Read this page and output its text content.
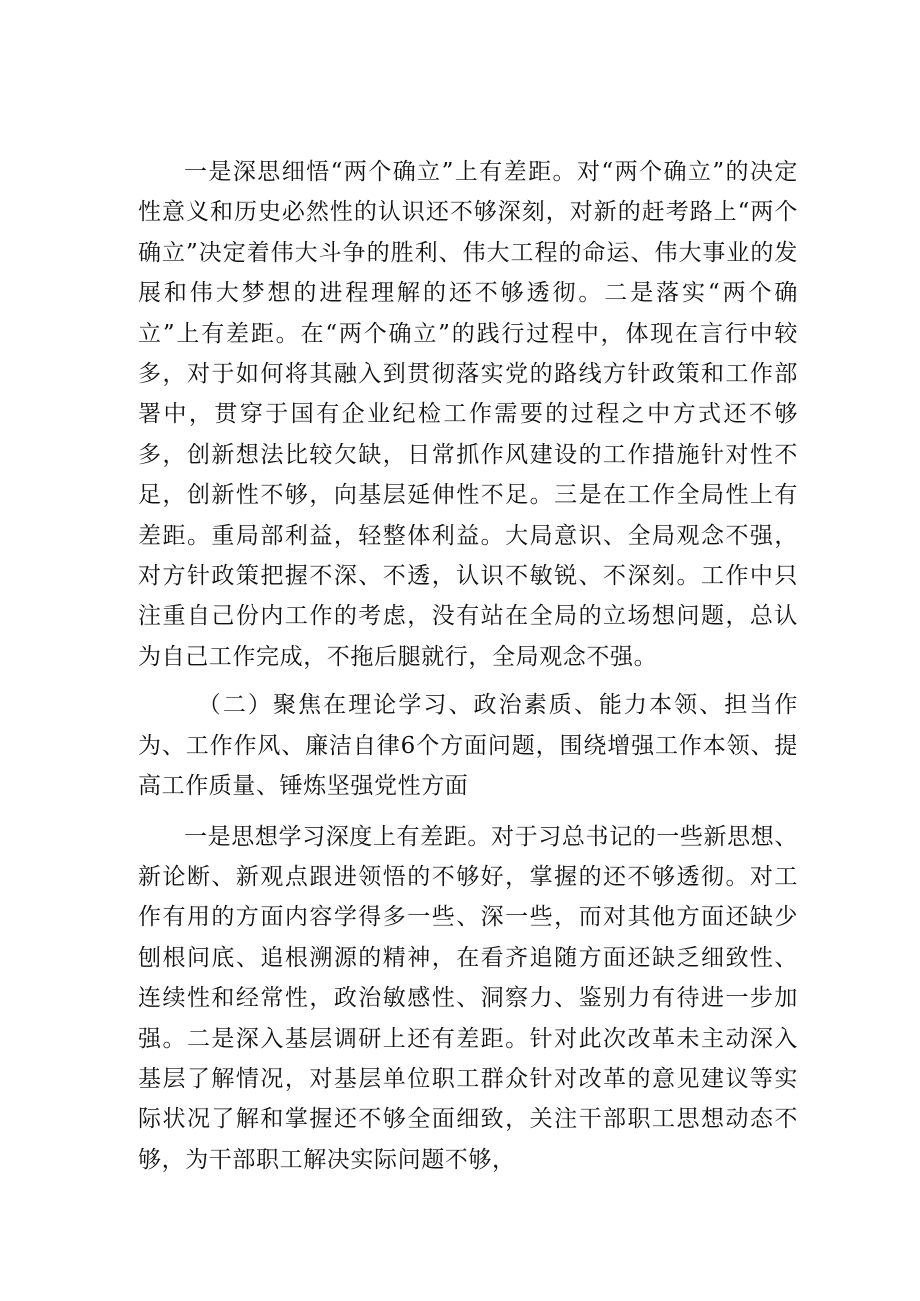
一是深思细悟“两个确立”上有差距。对“两个确立”的决定性意义和历史必然性的认识还不够深刻，对新的赶考路上“两个确立”决定着伟大斗争的胜利、伟大工程的命运、伟大事业的发展和伟大梦想的进程理解的还不够透彻。二是落实“两个确立”上有差距。在“两个确立”的践行过程中，体现在言行中较多，对于如何将其融入到贯彻落实党的路线方针政策和工作部署中，贯穿于国有企业纪检工作需要的过程之中方式还不够多，创新想法比较欠缺，日常抓作风建设的工作措施针对性不足，创新性不够，向基层延伸性不足。三是在工作全局性上有差距。重局部利益，轻整体利益。大局意识、全局观念不强，对方针政策把握不深、不透，认识不敏锐、不深刻。工作中只注重自己份内工作的考虑，没有站在全局的立场想问题，总认为自己工作完成，不拖后腿就行，全局观念不强。

（二）聚焦在理论学习、政治素质、能力本领、担当作为、工作作风、廉洁自律6个方面问题，围绕增强工作本领、提高工作质量、锤炼坚强党性方面

一是思想学习深度上有差距。对于习总书记的一些新思想、新论断、新观点跟进领悟的不够好，掌握的还不够透彻。对工作有用的方面内容学得多一些、深一些，而对其他方面还缺少刨根问底、追根溯源的精神，在看齐追随方面还缺乏细致性、连续性和经常性，政治敏感性、洞察力、鉴别力有待进一步加强。二是深入基层调研上还有差距。针对此次改革未主动深入基层了解情况，对基层单位职工群众针对改革的意见建议等实际状况了解和掌握还不够全面细致，关注干部职工思想动态不够，为干部职工解决实际问题不够，
